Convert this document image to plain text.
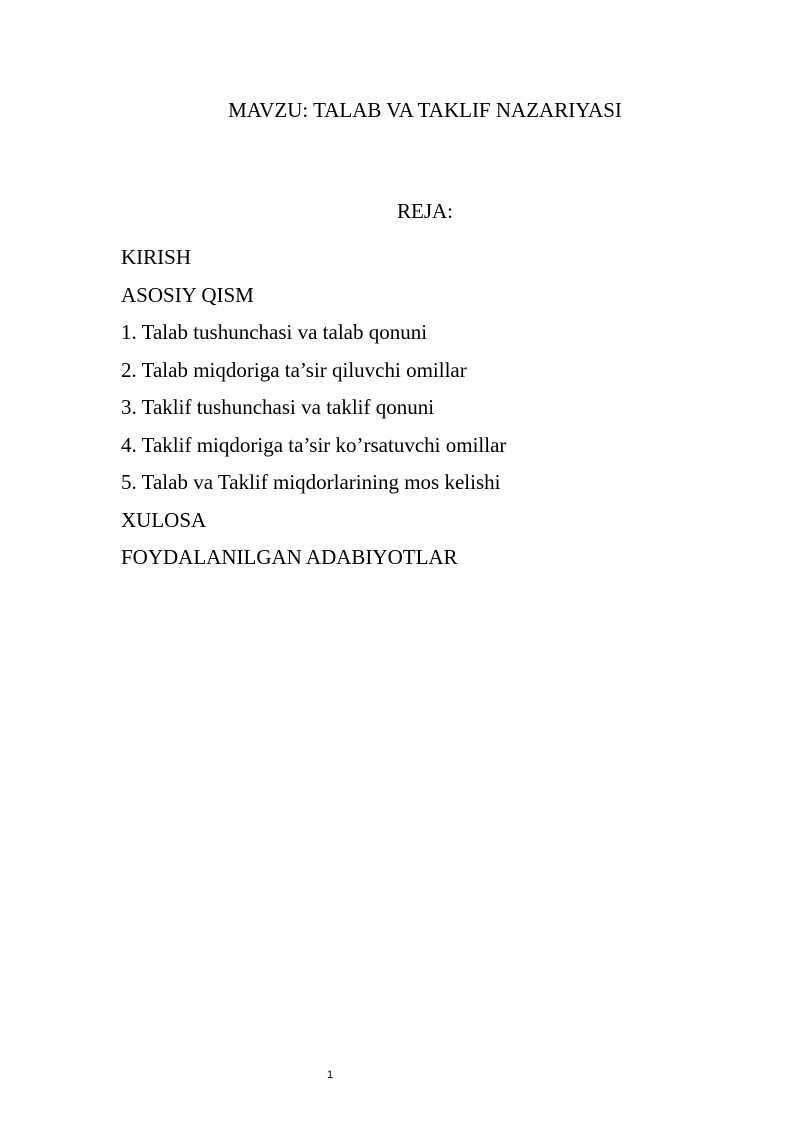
MAVZU: TALAB VA TAKLIF NAZARIYASI
REJA:
KIRISH
ASOSIY QISM
1. Talab tushunchasi va talab qonuni
2. Talab miqdoriga ta’sir qiluvchi omillar
3. Taklif tushunchasi va taklif qonuni
4. Taklif miqdoriga ta’sir ko’rsatuvchi omillar
5. Talab va Taklif miqdorlarining mos kelishi
XULOSA
FOYDALANILGAN ADABIYOTLAR
1
